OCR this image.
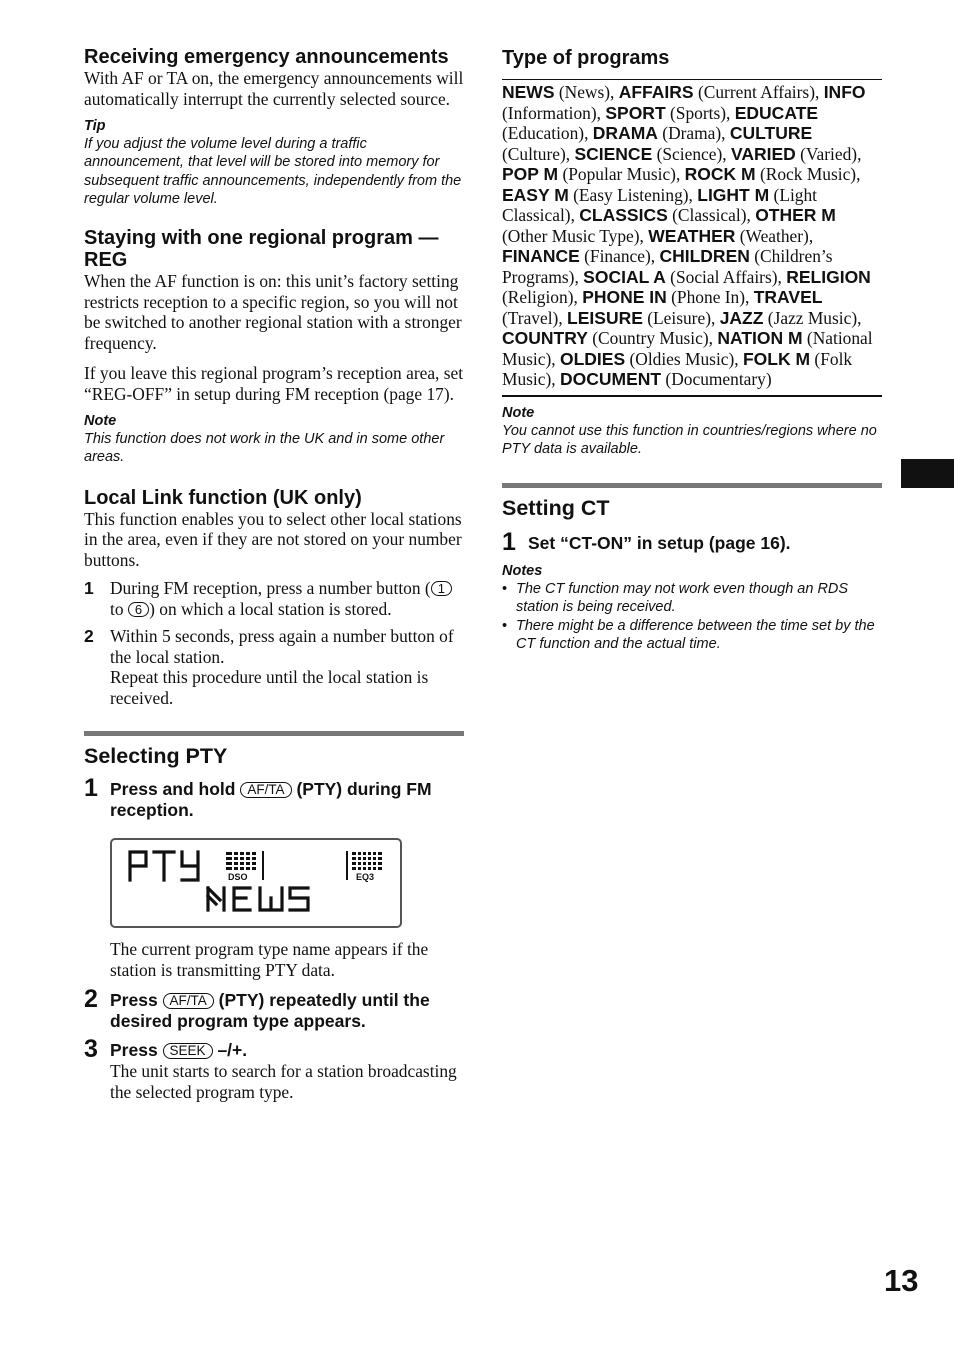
Receiving emergency announcements

With AF or TA on, the emergency announcements will automatically interrupt the currently selected source.

Tip

If you adjust the volume level during a traffic announcement, that level will be stored into memory for subsequent traffic announcements, independently from the regular volume level.

Staying with one regional program — REG

When the AF function is on: this unit’s factory setting restricts reception to a specific region, so you will not be switched to another regional station with a stronger frequency.

If you leave this regional program’s reception area, set “REG-OFF” in setup during FM reception (page 17).

Note

This function does not work in the UK and in some other areas.

Local Link function (UK only)

This function enables you to select other local stations in the area, even if they are not stored on your number buttons.

1 During FM reception, press a number button ( 1 to 6 ) on which a local station is stored.

2 Within 5 seconds, press again a number button of the local station.

Repeat this procedure until the local station is received.

Selecting PTY
1 Press and hold AF/TA (PTY) during FM reception.

DSO	EQ3

The current program type name appears if the station is transmitting PTY data.

2 Press AF/TA (PTY) repeatedly until the desired program type appears.

3 Press SEEK –/+.

The unit starts to search for a station broadcasting the selected program type.

Type of programs

NEWS (News), AFFAIRS (Current Affairs), INFO (Information), SPORT (Sports), EDUCATE (Education), DRAMA (Drama), CULTURE (Culture), SCIENCE (Science), VARIED (Varied), POP M (Popular Music), ROCK M (Rock Music), EASY M (Easy Listening), LIGHT M (Light Classical), CLASSICS (Classical), OTHER M (Other Music Type), WEATHER (Weather), FINANCE (Finance), CHILDREN (Children’s Programs), SOCIAL A (Social Affairs), RELIGION (Religion), PHONE IN (Phone In), TRAVEL (Travel), LEISURE (Leisure), JAZZ (Jazz Music), COUNTRY (Country Music), NATION M (National Music), OLDIES (Oldies Music), FOLK M (Folk Music), DOCUMENT (Documentary)

Note

You cannot use this function in countries/regions where no PTY data is available.

Setting CT
1 Set “CT-ON” in setup (page 16).

Notes

• The CT function may not work even though an RDS station is being received.
• There might be a difference between the time set by the CT function and the actual time.
13
